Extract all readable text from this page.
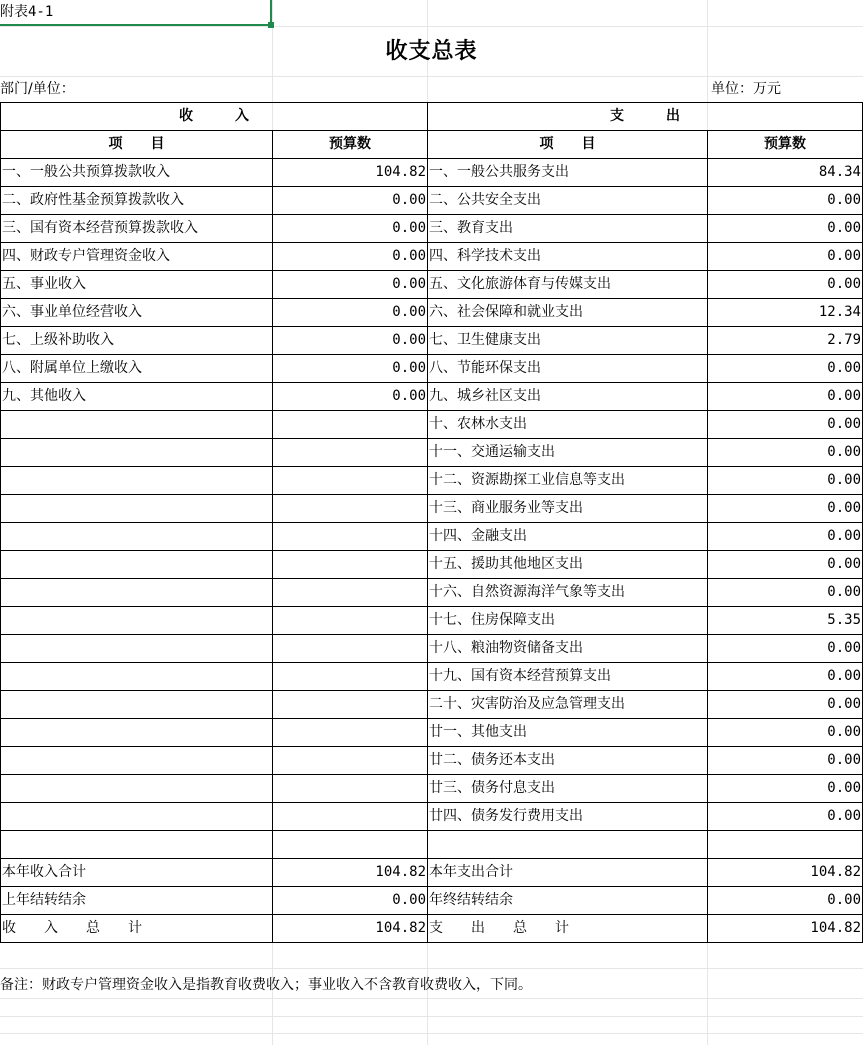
附表4-1
收支总表
部门/单位：	单位：万元
收　　　入		支　　　出	
项　　目	预算数	项　　目	预算数
一、一般公共预算拨款收入	104.82	一、一般公共服务支出	84.34
二、政府性基金预算拨款收入	0.00	二、公共安全支出	0.00
三、国有资本经营预算拨款收入	0.00	三、教育支出	0.00
四、财政专户管理资金收入	0.00	四、科学技术支出	0.00
五、事业收入	0.00	五、文化旅游体育与传媒支出	0.00
六、事业单位经营收入	0.00	六、社会保障和就业支出	12.34
七、上级补助收入	0.00	七、卫生健康支出	2.79
八、附属单位上缴收入	0.00	八、节能环保支出	0.00
九、其他收入	0.00	九、城乡社区支出	0.00
		十、农林水支出	0.00
		十一、交通运输支出	0.00
		十二、资源勘探工业信息等支出	0.00
		十三、商业服务业等支出	0.00
		十四、金融支出	0.00
		十五、援助其他地区支出	0.00
		十六、自然资源海洋气象等支出	0.00
		十七、住房保障支出	5.35
		十八、粮油物资储备支出	0.00
		十九、国有资本经营预算支出	0.00
		二十、灾害防治及应急管理支出	0.00
		廿一、其他支出	0.00
		廿二、债务还本支出	0.00
		廿三、债务付息支出	0.00
		廿四、债务发行费用支出	0.00

本年收入合计	104.82	本年支出合计	104.82
上年结转结余	0.00	年终结转结余	0.00
收　　入　　总　　计	104.82	支　　出　　总　　计	104.82
备注：财政专户管理资金收入是指教育收费收入；事业收入不含教育收费收入，下同。
